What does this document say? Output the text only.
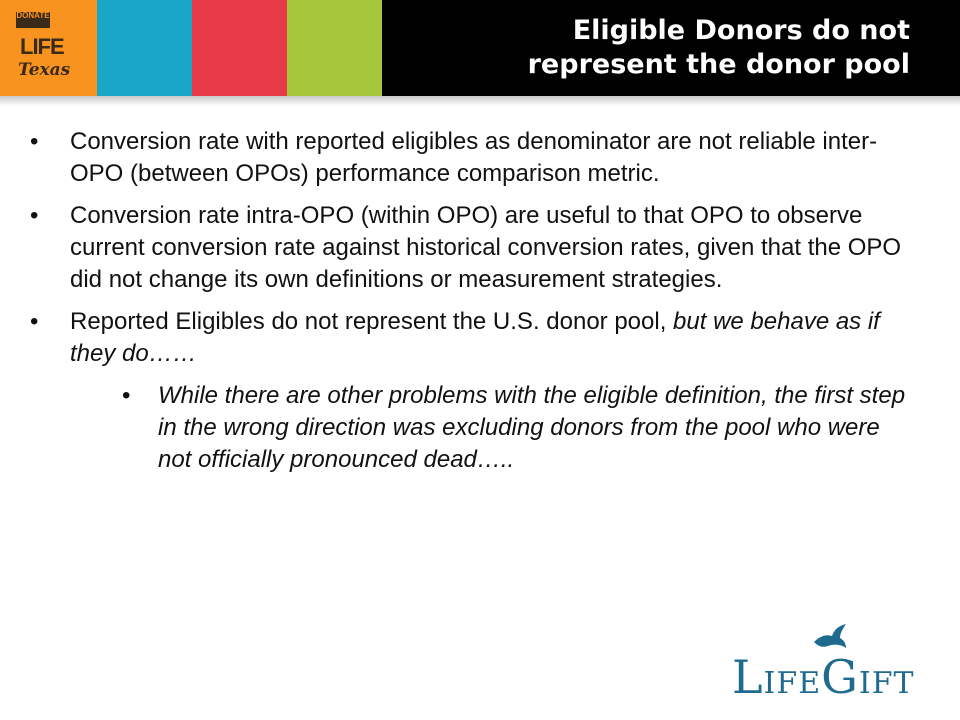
DONATE
LIFE
Texas
Eligible Donors do not
represent the donor pool
• Conversion rate with reported eligibles as denominator are not reliable inter-OPO (between OPOs) performance comparison metric.
• Conversion rate intra-OPO (within OPO) are useful to that OPO to observe current conversion rate against historical conversion rates, given that the OPO did not change its own definitions or measurement strategies.
• Reported Eligibles do not represent the U.S. donor pool, but we behave as if they do……
• While there are other problems with the eligible definition, the first step in the wrong direction was excluding donors from the pool who were not officially pronounced dead…..
LIFEGIFT
